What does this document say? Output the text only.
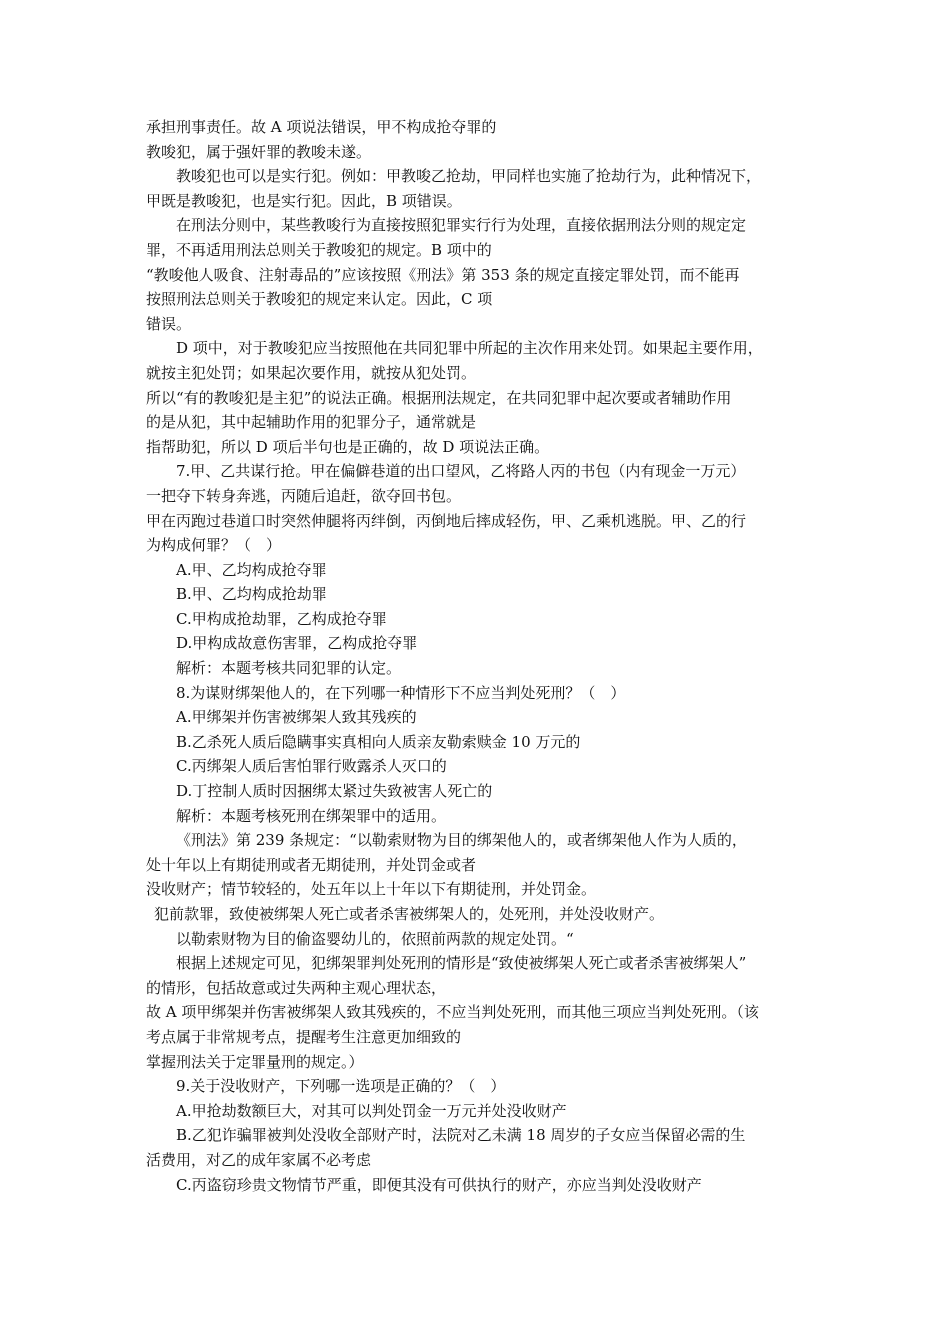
承担刑事责任。故 A 项说法错误，甲不构成抢夺罪的

教唆犯，属于强奸罪的教唆未遂。

教唆犯也可以是实行犯。例如：甲教唆乙抢劫，甲同样也实施了抢劫行为，此种情况下，

甲既是教唆犯，也是实行犯。因此，B 项错误。

在刑法分则中，某些教唆行为直接按照犯罪实行行为处理，直接依据刑法分则的规定定

罪，不再适用刑法总则关于教唆犯的规定。B 项中的

“教唆他人吸食、注射毒品的”应该按照《刑法》第 353 条的规定直接定罪处罚，而不能再

按照刑法总则关于教唆犯的规定来认定。因此，C 项

错误。

D 项中，对于教唆犯应当按照他在共同犯罪中所起的主次作用来处罚。如果起主要作用，

就按主犯处罚；如果起次要作用，就按从犯处罚。

所以“有的教唆犯是主犯”的说法正确。根据刑法规定，在共同犯罪中起次要或者辅助作用

的是从犯，其中起辅助作用的犯罪分子，通常就是

指帮助犯，所以 D 项后半句也是正确的，故 D 项说法正确。

7.甲、乙共谋行抢。甲在偏僻巷道的出口望风，乙将路人丙的书包（内有现金一万元）

一把夺下转身奔逃，丙随后追赶，欲夺回书包。

甲在丙跑过巷道口时突然伸腿将丙绊倒，丙倒地后摔成轻伤，甲、乙乘机逃脱。甲、乙的行

为构成何罪？（　）

A.甲、乙均构成抢夺罪

B.甲、乙均构成抢劫罪

C.甲构成抢劫罪，乙构成抢夺罪

D.甲构成故意伤害罪，乙构成抢夺罪

解析：本题考核共同犯罪的认定。

8.为谋财绑架他人的，在下列哪一种情形下不应当判处死刑？（　）

A.甲绑架并伤害被绑架人致其残疾的

B.乙杀死人质后隐瞒事实真相向人质亲友勒索赎金 10 万元的

C.丙绑架人质后害怕罪行败露杀人灭口的

D.丁控制人质时因捆绑太紧过失致被害人死亡的

解析：本题考核死刑在绑架罪中的适用。

《刑法》第 239 条规定：“以勒索财物为目的绑架他人的，或者绑架他人作为人质的，

处十年以上有期徒刑或者无期徒刑，并处罚金或者

没收财产；情节较轻的，处五年以上十年以下有期徒刑，并处罚金。

犯前款罪，致使被绑架人死亡或者杀害被绑架人的，处死刑，并处没收财产。

以勒索财物为目的偷盗婴幼儿的，依照前两款的规定处罚。“

根据上述规定可见，犯绑架罪判处死刑的情形是“致使被绑架人死亡或者杀害被绑架人”

的情形，包括故意或过失两种主观心理状态，

故 A 项甲绑架并伤害被绑架人致其残疾的，不应当判处死刑，而其他三项应当判处死刑。（该

考点属于非常规考点，提醒考生注意更加细致的

掌握刑法关于定罪量刑的规定。）

9.关于没收财产，下列哪一选项是正确的？（　）

A.甲抢劫数额巨大，对其可以判处罚金一万元并处没收财产

B.乙犯诈骗罪被判处没收全部财产时，法院对乙未满 18 周岁的子女应当保留必需的生

活费用，对乙的成年家属不必考虑

C.丙盗窃珍贵文物情节严重，即便其没有可供执行的财产，亦应当判处没收财产
